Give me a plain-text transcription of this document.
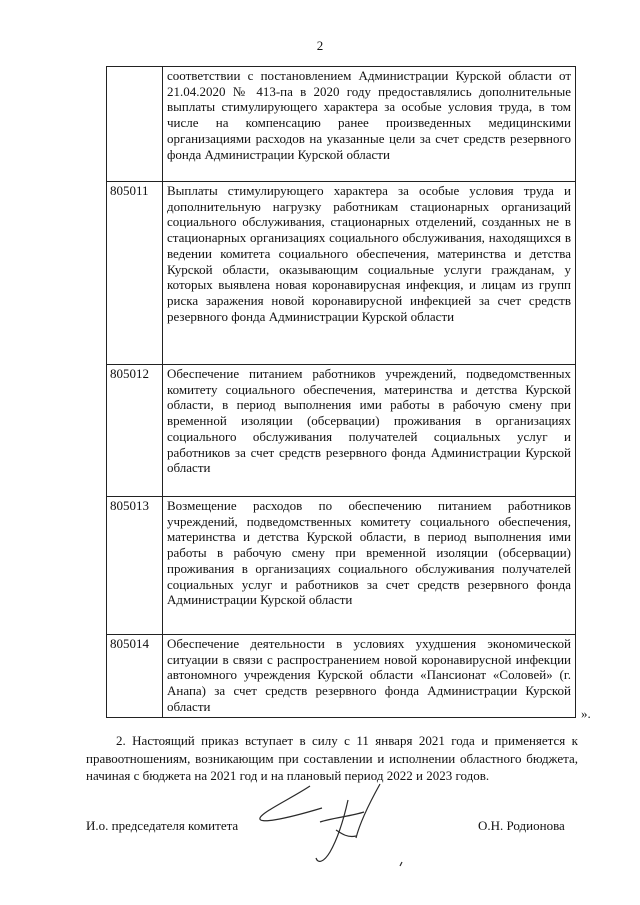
2
	соответствии с постановлением Администрации Курской области от 21.04.2020 № 413-па в 2020 году предоставлялись дополнительные выплаты стимулирующего характера за особые условия труда, в том числе на компенсацию ранее произведенных медицинскими организациями расходов на указанные цели за счет средств резервного фонда Администрации Курской области
805011	Выплаты стимулирующего характера за особые условия труда и дополнительную нагрузку работникам стационарных организаций социального обслуживания, стационарных отделений, созданных не в стационарных организациях социального обслуживания, находящихся в ведении комитета социального обеспечения, материнства и детства Курской области, оказывающим социальные услуги гражданам, у которых выявлена новая коронавирусная инфекция, и лицам из групп риска заражения новой коронавирусной инфекцией за счет средств резервного фонда Администрации Курской области
805012	Обеспечение питанием работников учреждений, подведомственных комитету социального обеспечения, материнства и детства Курской области, в период выполнения ими работы в рабочую смену при временной изоляции (обсервации) проживания в организациях социального обслуживания получателей социальных услуг и работников за счет средств резервного фонда Администрации Курской области
805013	Возмещение расходов по обеспечению питанием работников учреждений, подведомственных комитету социального обеспечения, материнства и детства Курской области, в период выполнения ими работы в рабочую смену при временной изоляции (обсервации) проживания в организациях социального обслуживания получателей социальных услуг и работников за счет средств резервного фонда Администрации Курской области
805014	Обеспечение деятельности в условиях ухудшения экономической ситуации в связи с распространением новой коронавирусной инфекции автономного учреждения Курской области «Пансионат «Соловей» (г. Анапа) за счет средств резервного фонда Администрации Курской области	».

2. Настоящий приказ вступает в силу с 11 января 2021 года и применяется к правоотношениям, возникающим при составлении и исполнении областного бюджета, начиная с бюджета на 2021 год и на плановый период 2022 и 2023 годов.

И.о. председателя комитета	О.Н. Родионова
